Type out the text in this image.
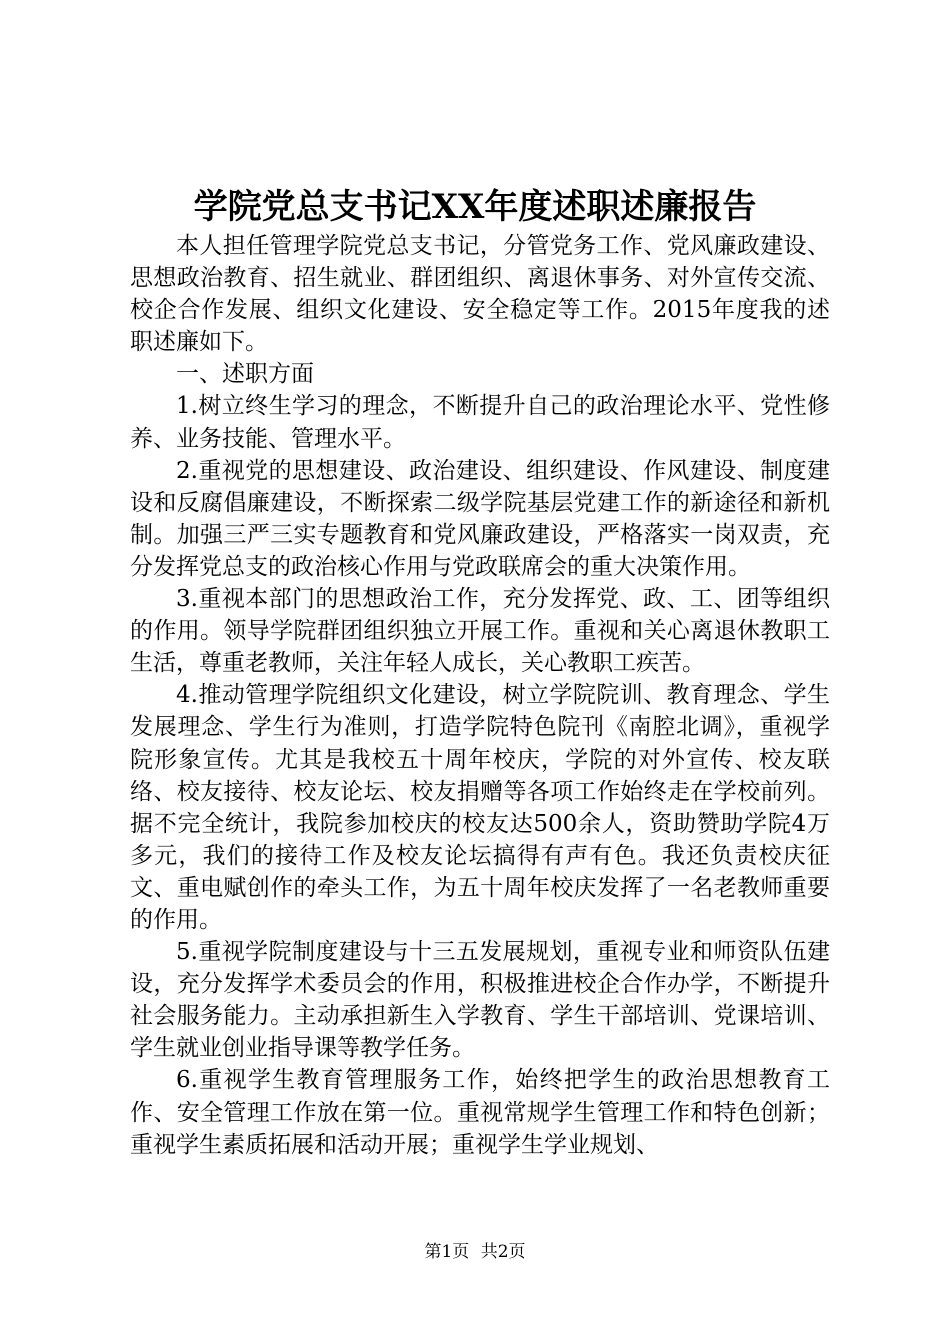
学院党总支书记XX年度述职述廉报告

本人担任管理学院党总支书记，分管党务工作、党风廉政建设、思想政治教育、招生就业、群团组织、离退休事务、对外宣传交流、校企合作发展、组织文化建设、安全稳定等工作。2015年度我的述职述廉如下。

一、述职方面

1.树立终生学习的理念，不断提升自己的政治理论水平、党性修养、业务技能、管理水平。

2.重视党的思想建设、政治建设、组织建设、作风建设、制度建设和反腐倡廉建设，不断探索二级学院基层党建工作的新途径和新机制。加强三严三实专题教育和党风廉政建设，严格落实一岗双责，充分发挥党总支的政治核心作用与党政联席会的重大决策作用。

3.重视本部门的思想政治工作，充分发挥党、政、工、团等组织的作用。领导学院群团组织独立开展工作。重视和关心离退休教职工生活，尊重老教师，关注年轻人成长，关心教职工疾苦。

4.推动管理学院组织文化建设，树立学院院训、教育理念、学生发展理念、学生行为准则，打造学院特色院刊《南腔北调》，重视学院形象宣传。尤其是我校五十周年校庆，学院的对外宣传、校友联络、校友接待、校友论坛、校友捐赠等各项工作始终走在学校前列。据不完全统计，我院参加校庆的校友达500余人，资助赞助学院4万多元，我们的接待工作及校友论坛搞得有声有色。我还负责校庆征文、重电赋创作的牵头工作，为五十周年校庆发挥了一名老教师重要的作用。

5.重视学院制度建设与十三五发展规划，重视专业和师资队伍建设，充分发挥学术委员会的作用，积极推进校企合作办学，不断提升社会服务能力。主动承担新生入学教育、学生干部培训、党课培训、学生就业创业指导课等教学任务。

6.重视学生教育管理服务工作，始终把学生的政治思想教育工作、安全管理工作放在第一位。重视常规学生管理工作和特色创新；重视学生素质拓展和活动开展；重视学生学业规划、

第1页 共2页
